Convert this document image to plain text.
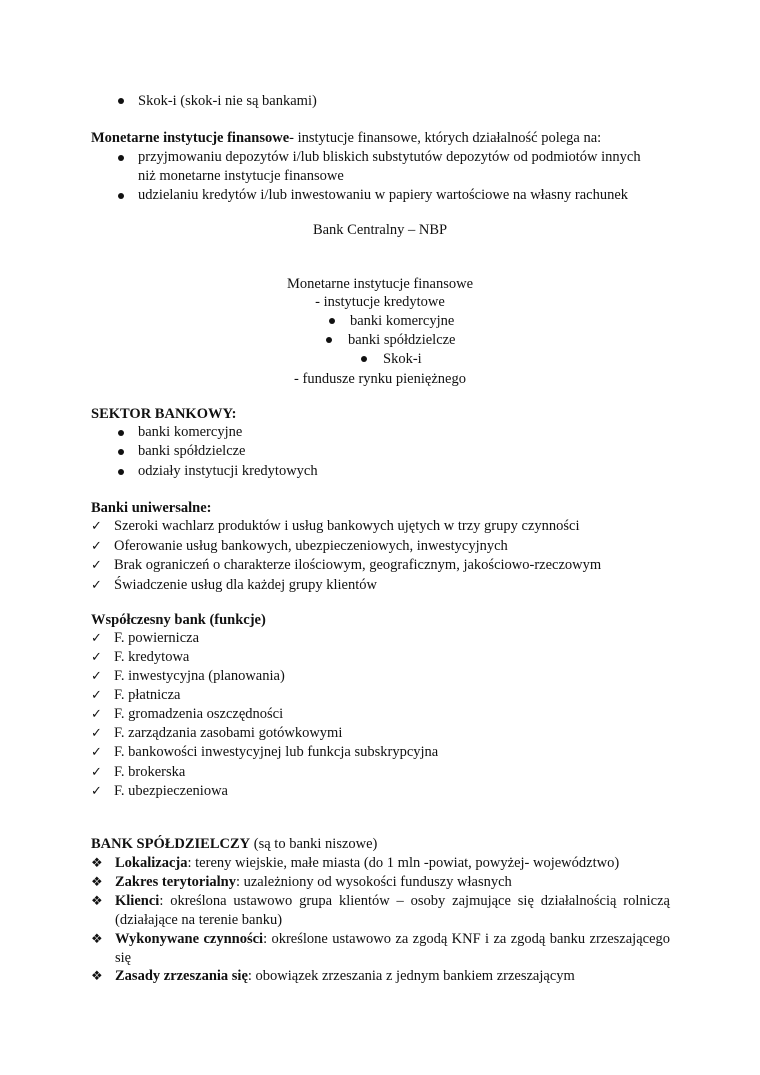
Skok-i (skok-i nie są bankami)
Monetarne instytucje finansowe- instytucje finansowe, których działalność polega na:
przyjmowaniu depozytów i/lub bliskich substytutów depozytów od podmiotów innych
niż monetarne instytucje finansowe
udzielaniu kredytów i/lub inwestowaniu w papiery wartościowe na własny rachunek
Bank Centralny – NBP
Monetarne instytucje finansowe
- instytucje kredytowe
banki komercyjne
banki spółdzielcze
Skok-i
- fundusze rynku pieniężnego
SEKTOR BANKOWY:
banki komercyjne
banki spółdzielcze
odziały instytucji kredytowych
Banki uniwersalne:
✓ Szeroki wachlarz produktów i usług bankowych ujętych w trzy grupy czynności
✓ Oferowanie usług bankowych, ubezpieczeniowych, inwestycyjnych
✓ Brak ograniczeń o charakterze ilościowym, geograficznym, jakościowo-rzeczowym
✓ Świadczenie usług dla każdej grupy klientów
Współczesny bank (funkcje)
✓ F. powiernicza
✓ F. kredytowa
✓ F. inwestycyjna (planowania)
✓ F. płatnicza
✓ F. gromadzenia oszczędności
✓ F. zarządzania zasobami gotówkowymi
✓ F. bankowości inwestycyjnej lub funkcja subskrypcyjna
✓ F. brokerska
✓ F. ubezpieczeniowa
BANK SPÓŁDZIELCZY (są to banki niszowe)
❖ Lokalizacja: tereny wiejskie, małe miasta (do 1 mln -powiat, powyżej- województwo)
❖ Zakres terytorialny: uzależniony od wysokości funduszy własnych
❖ Klienci: określona ustawowo grupa klientów – osoby zajmujące się działalnością rolniczą (działające na terenie banku)
❖ Wykonywane czynności: określone ustawowo za zgodą KNF i za zgodą banku zrzeszającego się
❖ Zasady zrzeszania się: obowiązek zrzeszania z jednym bankiem zrzeszającym
